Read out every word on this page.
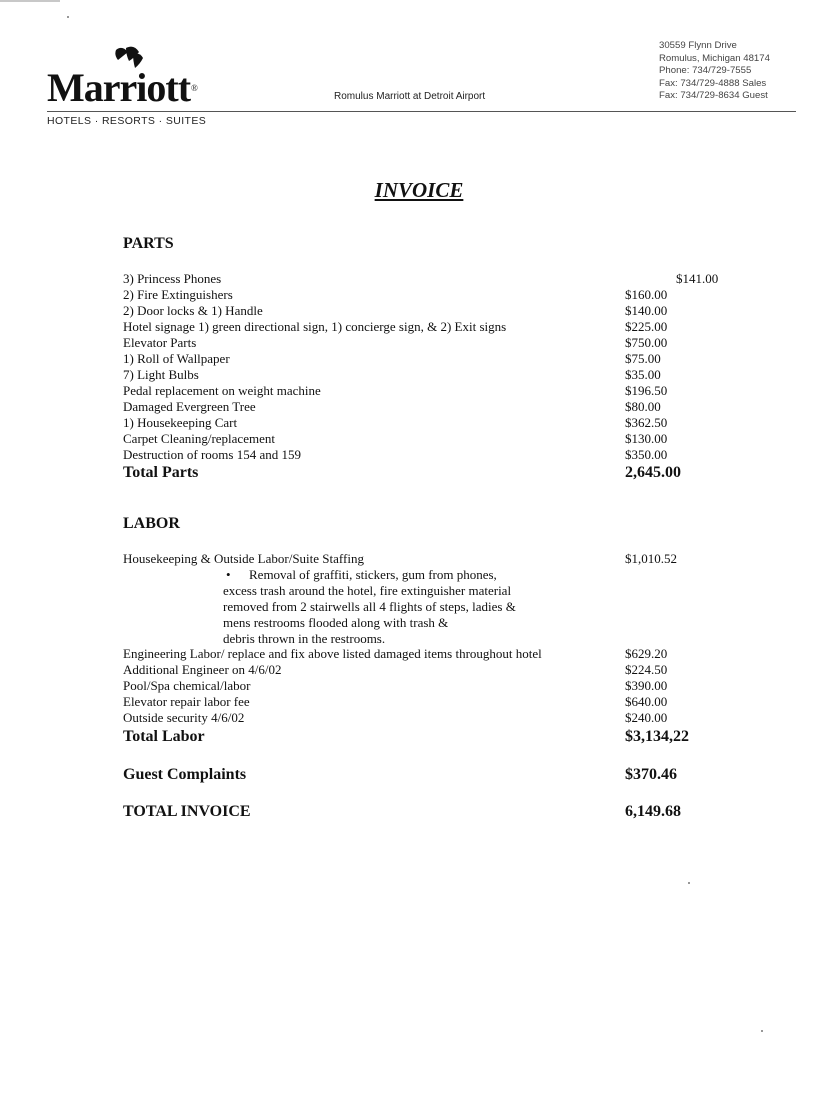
Marriott®
HOTELS · RESORTS · SUITES
Romulus Marriott at Detroit Airport
30559 Flynn Drive
Romulus, Michigan 48174
Phone: 734/729-7555
Fax: 734/729-4888 Sales
Fax: 734/729-8634 Guest
INVOICE
PARTS
3) Princess Phones	$141.00
2) Fire Extinguishers	$160.00
2) Door locks & 1) Handle	$140.00
Hotel signage 1) green directional sign, 1) concierge sign, & 2) Exit signs	$225.00
Elevator Parts	$750.00
1) Roll of Wallpaper	$75.00
7) Light Bulbs	$35.00
Pedal replacement on weight machine	$196.50
Damaged Evergreen Tree	$80.00
1) Housekeeping Cart	$362.50
Carpet Cleaning/replacement	$130.00
Destruction of rooms 154 and 159	$350.00
Total Parts	2,645.00
LABOR
Housekeeping & Outside Labor/Suite Staffing	$1,010.52
•	Removal of graffiti, stickers, gum from phones,
excess trash around the hotel, fire extinguisher material
removed from 2 stairwells all 4 flights of steps, ladies &
mens restrooms flooded along with trash &
debris thrown in the restrooms.
Engineering Labor/ replace and fix above listed damaged items throughout hotel	$629.20
Additional Engineer on 4/6/02	$224.50
Pool/Spa chemical/labor	$390.00
Elevator repair labor fee	$640.00
Outside security 4/6/02	$240.00
Total Labor	$3,134,22
Guest Complaints	$370.46
TOTAL INVOICE	6,149.68
